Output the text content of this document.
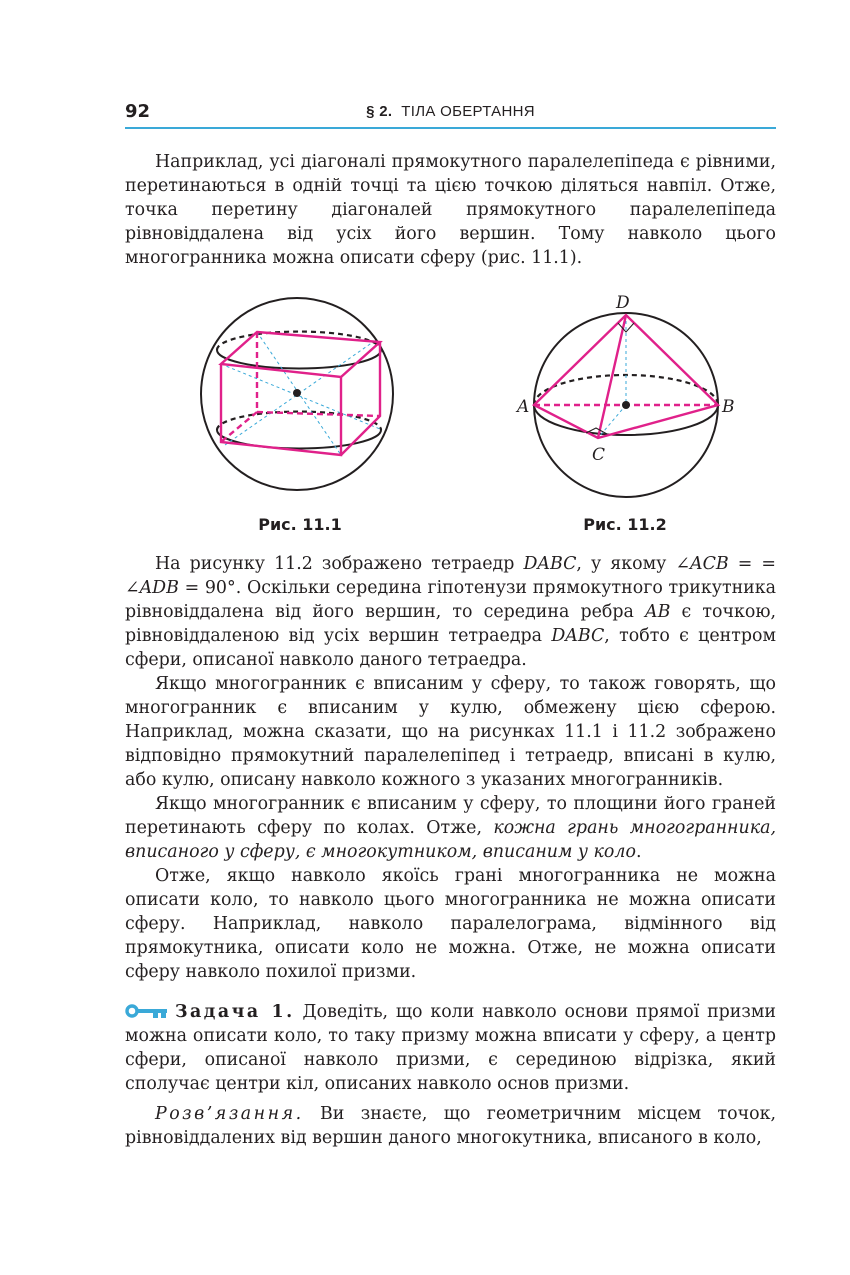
92	§ 2. ТІЛА ОБЕРТАННЯ

Наприклад, усі діагоналі прямокутного паралелепіпеда є рівними, перетинаються в одній точці та цією точкою діляться навпіл. Отже, точка перетину діагоналей прямокутного паралелепіпеда рівновіддалена від усіх його вершин. Тому навколо цього многогранника можна описати сферу (рис. 11.1).

Рис. 11.1
D
A	B
C
Рис. 11.2

На рисунку 11.2 зображено тетраедр DABC, у якому ∠ACB = = ∠ADB = 90°. Оскільки середина гіпотенузи прямокутного трикутника рівновіддалена від його вершин, то середина ребра AB є точкою, рівновіддаленою від усіх вершин тетраедра DABC, тобто є центром сфери, описаної навколо даного тетраедра.

Якщо многогранник є вписаним у сферу, то також говорять, що многогранник є вписаним у кулю, обмежену цією сферою. Наприклад, можна сказати, що на рисунках 11.1 і 11.2 зображено відповідно прямокутний паралелепіпед і тетраедр, вписані в кулю, або кулю, описану навколо кожного з указаних многогранників.

Якщо многогранник є вписаним у сферу, то площини його граней перетинають сферу по колах. Отже, кожна грань многогранника, вписаного у сферу, є многокутником, вписаним у коло.

Отже, якщо навколо якоїсь грані многогранника не можна описати коло, то навколо цього многогранника не можна описати сферу. Наприклад, навколо паралелограма, відмінного від прямокутника, описати коло не можна. Отже, не можна описати сферу навколо похилої призми.

Задача 1. Доведіть, що коли навколо основи прямої призми можна описати коло, то таку призму можна вписати у сферу, а центр сфери, описаної навколо призми, є серединою відрізка, який сполучає центри кіл, описаних навколо основ призми.

Розв’язання. Ви знаєте, що геометричним місцем точок, рівновіддалених від вершин даного многокутника, вписаного в коло,
